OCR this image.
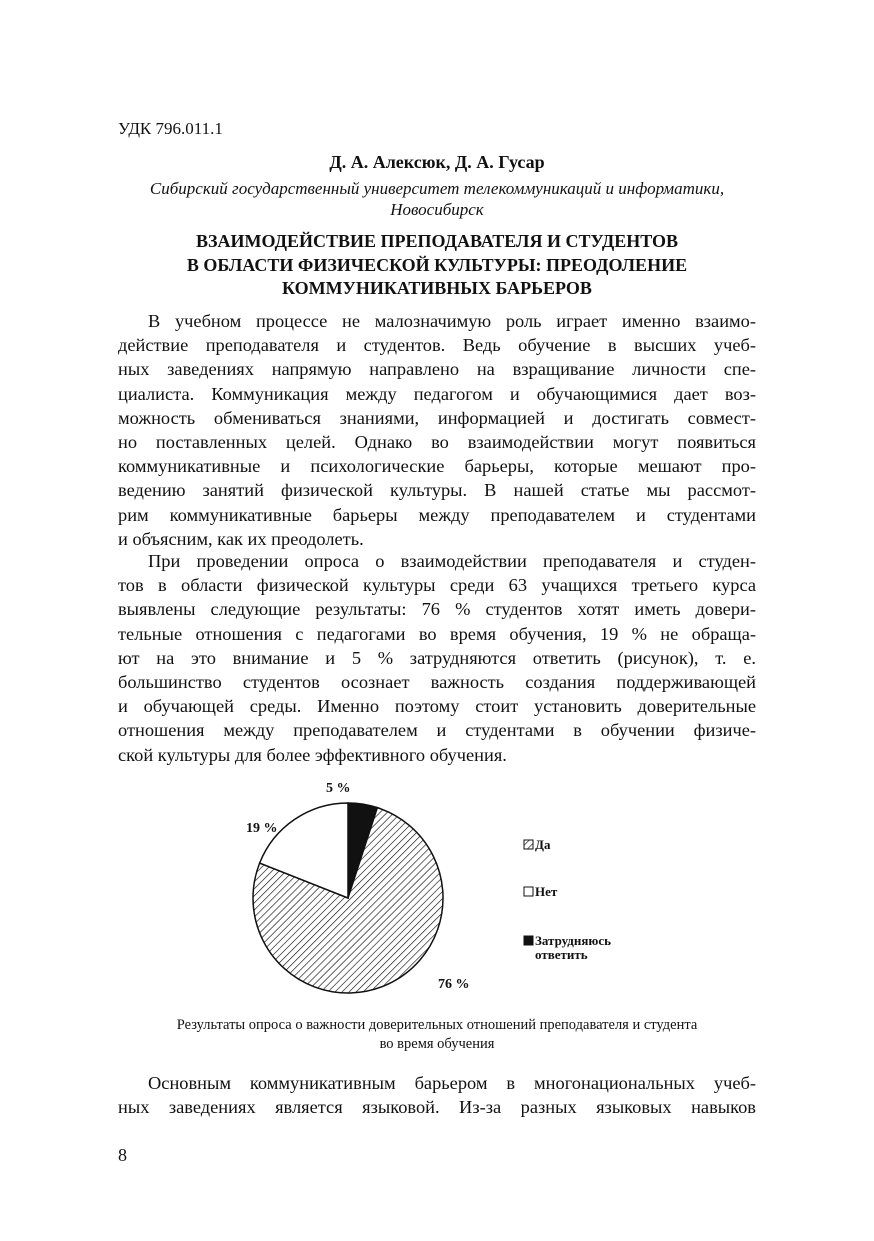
УДК 796.011.1
Д. А. Алексюк, Д. А. Гусар
Сибирский государственный университет телекоммуникаций и информатики,
Новосибирск
ВЗАИМОДЕЙСТВИЕ ПРЕПОДАВАТЕЛЯ И СТУДЕНТОВ
В ОБЛАСТИ ФИЗИЧЕСКОЙ КУЛЬТУРЫ: ПРЕОДОЛЕНИЕ
КОММУНИКАТИВНЫХ БАРЬЕРОВ
В учебном процессе не малозначимую роль играет именно взаимо-
действие преподавателя и студентов. Ведь обучение в высших учеб-
ных заведениях напрямую направлено на взращивание личности спе-
циалиста. Коммуникация между педагогом и обучающимися дает воз-
можность обмениваться знаниями, информацией и достигать совмест-
но поставленных целей. Однако во взаимодействии могут появиться
коммуникативные и психологические барьеры, которые мешают про-
ведению занятий физической культуры. В нашей статье мы рассмот-
рим коммуникативные барьеры между преподавателем и студентами
и объясним, как их преодолеть.
При проведении опроса о взаимодействии преподавателя и студен-
тов в области физической культуры среди 63 учащихся третьего курса
выявлены следующие результаты: 76 % студентов хотят иметь довери-
тельные отношения с педагогами во время обучения, 19 % не обраща-
ют на это внимание и 5 % затрудняются ответить (рисунок), т. е.
большинство студентов осознает важность создания поддерживающей
и обучающей среды. Именно поэтому стоит установить доверительные
отношения между преподавателем и студентами в обучении физиче-
ской культуры для более эффективного обучения.
5 %
76 %
19 %
Да
Нет
Затрудняюсь
ответить
Результаты опроса о важности доверительных отношений преподавателя и студента
во время обучения
Основным коммуникативным барьером в многонациональных учеб-
ных заведениях является языковой. Из-за разных языковых навыков
8
